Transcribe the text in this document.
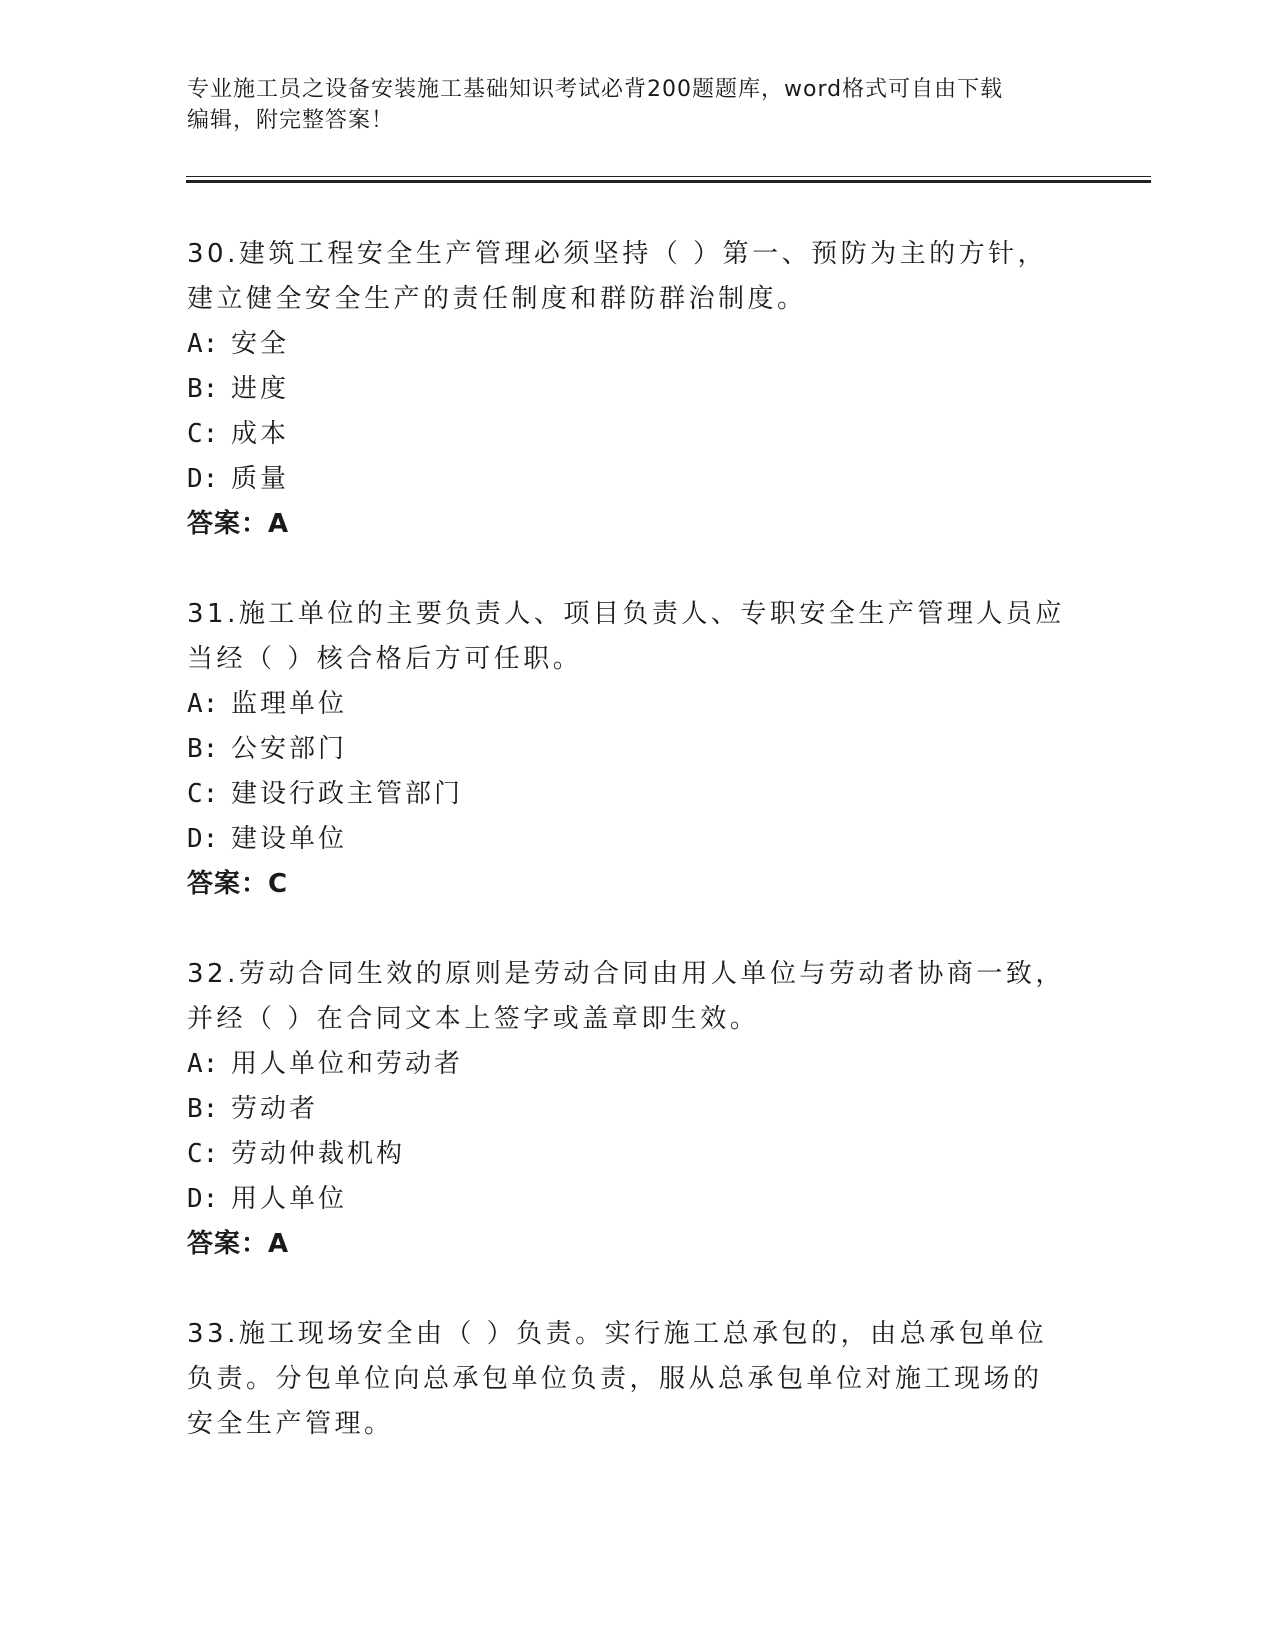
专业施工员之设备安装施工基础知识考试必背200题题库，word格式可自由下载
编辑，附完整答案！

30.建筑工程安全生产管理必须坚持（ ）第一、预防为主的方针，建立健全安全生产的责任制度和群防群治制度。

A: 安全

B: 进度

C: 成本

D: 质量

答案：A

31.施工单位的主要负责人、项目负责人、专职安全生产管理人员应当经（ ）核合格后方可任职。

A: 监理单位

B: 公安部门

C: 建设行政主管部门

D: 建设单位

答案：C

32.劳动合同生效的原则是劳动合同由用人单位与劳动者协商一致，并经（ ）在合同文本上签字或盖章即生效。

A: 用人单位和劳动者

B: 劳动者

C: 劳动仲裁机构

D: 用人单位

答案：A

33.施工现场安全由（ ）负责。实行施工总承包的，由总承包单位负责。分包单位向总承包单位负责，服从总承包单位对施工现场的安全生产管理。
